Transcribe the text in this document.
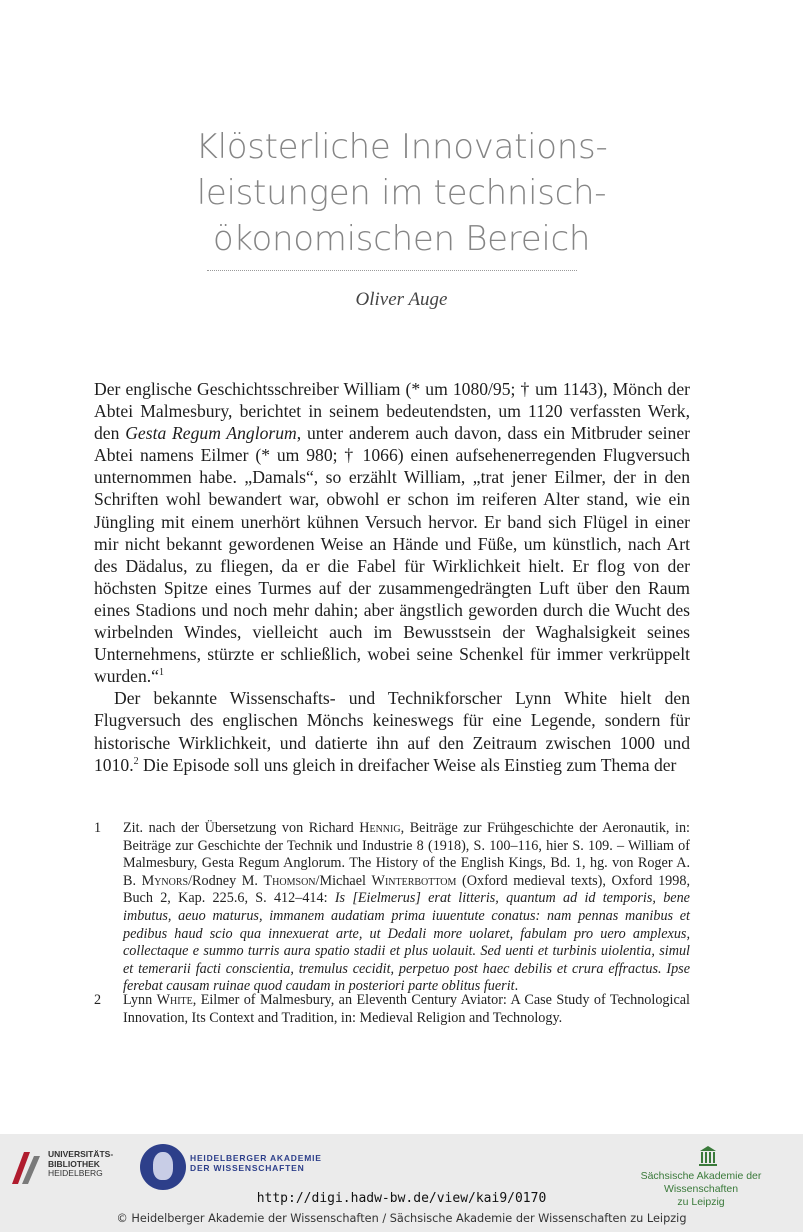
Klösterliche Innovations-
leistungen im technisch-
ökonomischen Bereich
Oliver Auge

Der englische Geschichtsschreiber William (* um 1080/95; † um 1143), Mönch der Abtei Malmesbury, berichtet in seinem bedeutendsten, um 1120 verfassten Werk, den Gesta Regum Anglorum, unter anderem auch davon, dass ein Mitbruder seiner Abtei namens Eilmer (* um 980; † 1066) einen aufsehenerregenden Flugversuch unternommen habe. „Damals“, so erzählt William, „trat jener Eilmer, der in den Schriften wohl bewandert war, obwohl er schon im reiferen Alter stand, wie ein Jüngling mit einem unerhört kühnen Versuch hervor. Er band sich Flügel in einer mir nicht bekannt gewordenen Weise an Hände und Füße, um künstlich, nach Art des Dädalus, zu fliegen, da er die Fabel für Wirklichkeit hielt. Er flog von der höchsten Spitze eines Turmes auf der zusammengedrängten Luft über den Raum eines Stadions und noch mehr dahin; aber ängstlich geworden durch die Wucht des wirbelnden Windes, vielleicht auch im Bewusstsein der Waghalsigkeit seines Unternehmens, stürzte er schließlich, wobei seine Schenkel für immer verkrüppelt wurden.“$^1$

Der bekannte Wissenschafts- und Technikforscher Lynn White hielt den Flugversuch des englischen Mönchs keineswegs für eine Legende, sondern für historische Wirklichkeit, und datierte ihn auf den Zeitraum zwischen 1000 und 1010.$^2$ Die Episode soll uns gleich in dreifacher Weise als Einstieg zum Thema der

1 Zit. nach der Übersetzung von Richard Hennig, Beiträge zur Frühgeschichte der Aeronautik, in: Beiträge zur Geschichte der Technik und Industrie 8 (1918), S. 100–116, hier S. 109. – William of Malmesbury, Gesta Regum Anglorum. The History of the English Kings, Bd. 1, hg. von Roger A. B. Mynors/Rodney M. Thomson/Michael Winterbottom (Oxford medieval texts), Oxford 1998, Buch 2, Kap. 225.6, S. 412–414: Is [Eielmerus] erat litteris, quantum ad id temporis, bene imbutus, aeuo maturus, immanem audatiam prima iuuentute conatus: nam pennas manibus et pedibus haud scio qua innexuerat arte, ut Dedali more uolaret, fabulam pro uero amplexus, collectaque e summo turris aura spatio stadii et plus uolauit. Sed uenti et turbinis uiolentia, simul et temerarii facti conscientia, tremulus cecidit, perpetuo post haec debilis et crura effractus. Ipse ferebat causam ruinae quod caudam in posteriori parte oblitus fuerit.
2 Lynn White, Eilmer of Malmesbury, an Eleventh Century Aviator: A Case Study of Technological Innovation, Its Context and Tradition, in: Medieval Religion and Technology.
UNIVERSITÄTS-
BIBLIOTHEK
HEIDELBERG
HEIDELBERGER AKADEMIE
DER WISSENSCHAFTEN
Sächsische Akademie der Wissenschaften
zu Leipzig
http://digi.hadw-bw.de/view/kai9/0170
© Heidelberger Akademie der Wissenschaften / Sächsische Akademie der Wissenschaften zu Leipzig
